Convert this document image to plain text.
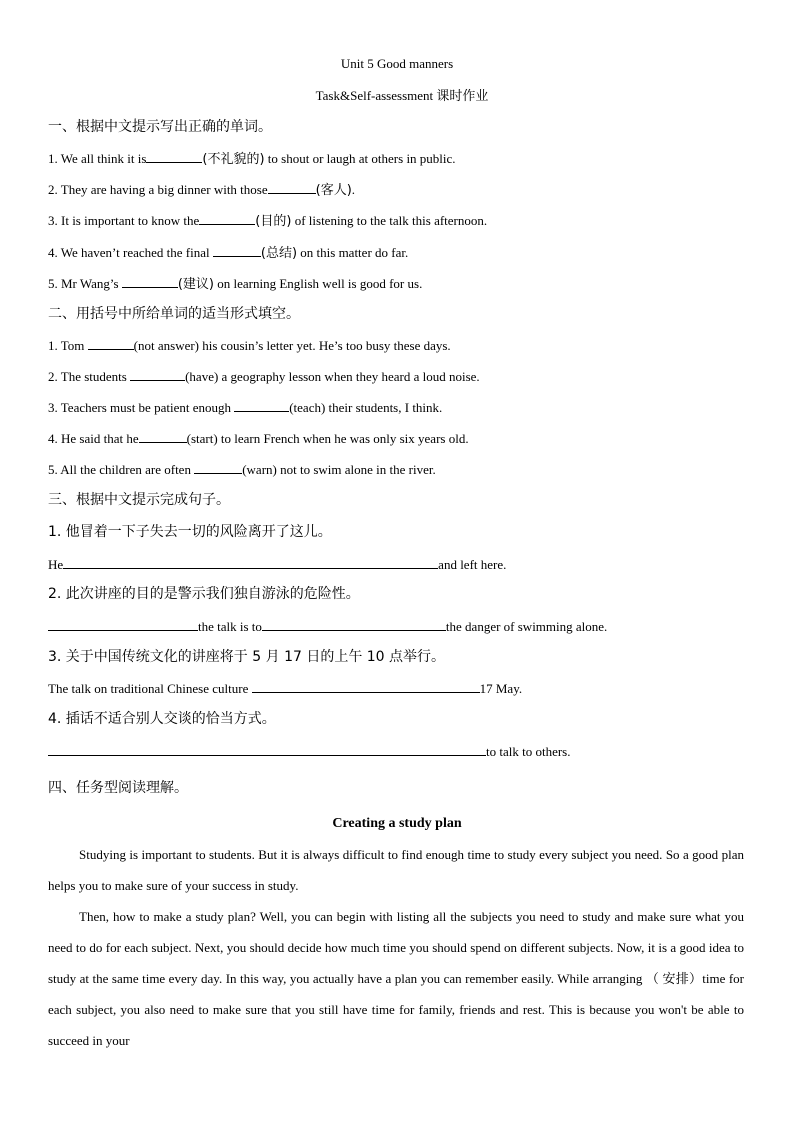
Unit 5 Good manners
Task&Self-assessment 课时作业
一、根据中文提示写出正确的单词。
1. We all think it is	(不礼貌的) to shout or laugh at others in public.
2. They are having a big dinner with those	(客人).
3. It is important to know the	(目的) of listening to the talk this afternoon.
4. We haven’t reached the final	(总结) on this matter do far.
5. Mr Wang’s	(建议) on learning English well is good for us.
二、用括号中所给单词的适当形式填空。
1. Tom	(not answer) his cousin’s letter yet. He’s too busy these days.
2. The students	(have) a geography lesson when they heard a loud noise.
3. Teachers must be patient enough	(teach) their students, I think.
4. He said that he	(start) to learn French when he was only six years old.
5. All the children are often	(warn) not to swim alone in the river.
三、根据中文提示完成句子。
1. 他冒着一下子失去一切的风险离开了这儿。
He	and left here.
2. 此次讲座的目的是警示我们独自游泳的危险性。
the talk is to	the danger of swimming alone.
3. 关于中国传统文化的讲座将于 5 月 17 日的上午 10 点举行。
The talk on traditional Chinese culture	17 May.
4. 插话不适合别人交谈的恰当方式。
to talk to others.
四、任务型阅读理解。
Creating a study plan
Studying is important to students. But it is always difficult to find enough time to study every subject you need. So a good plan helps you to make sure of your success in study.
Then, how to make a study plan? Well, you can begin with listing all the subjects you need to study and make sure what you need to do for each subject. Next, you should decide how much time you should spend on different subjects. Now, it is a good idea to study at the same time every day. In this way, you actually have a plan you can remember easily. While arranging （ 安排）time for each subject, you also need to make sure that you still have time for family, friends and rest. This is because you won't be able to succeed in your
